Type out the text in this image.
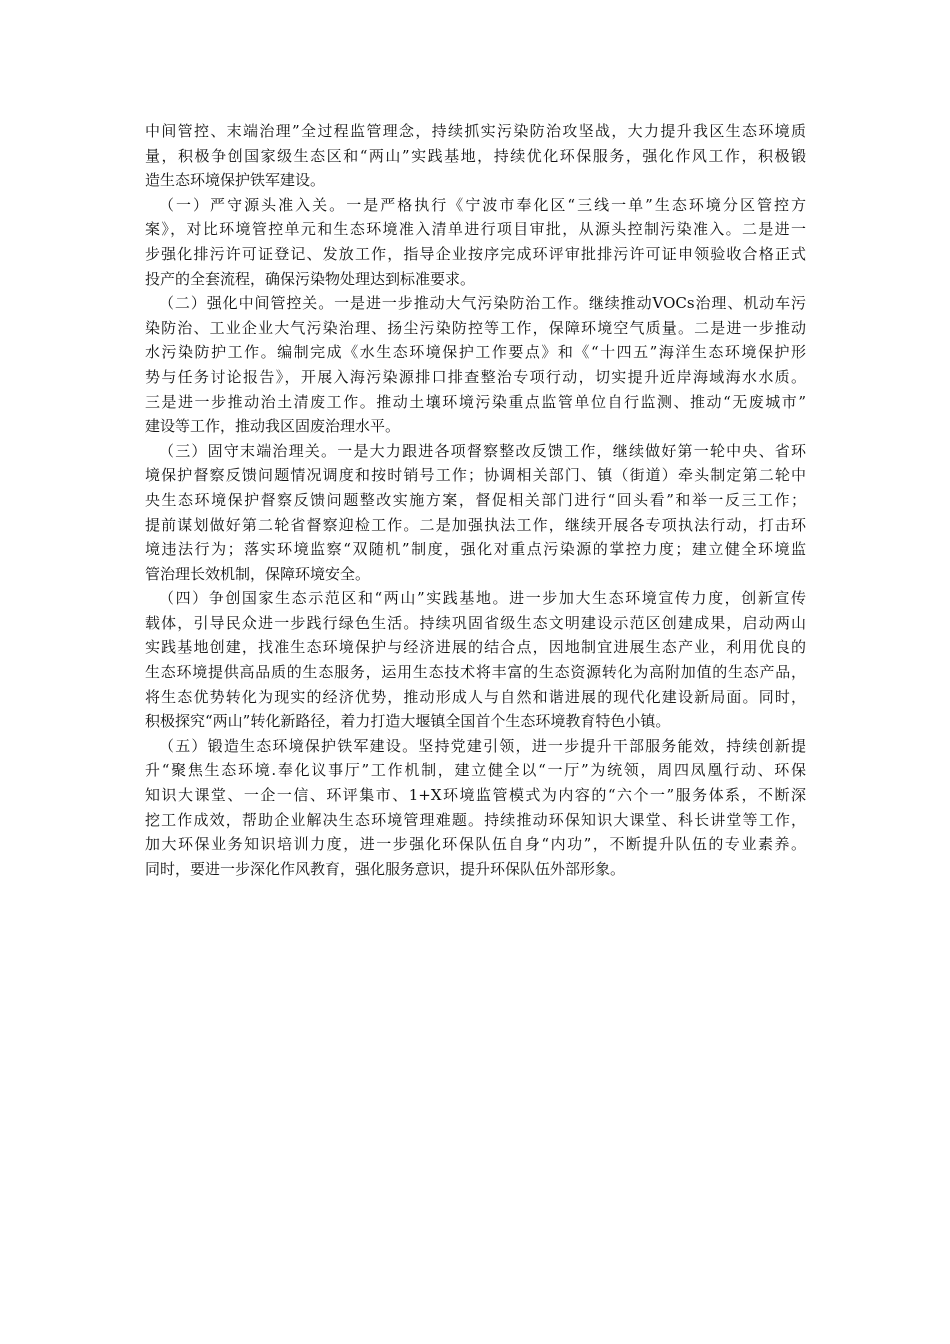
中间管控、末端治理”全过程监管理念，持续抓实污染防治攻坚战，大力提升我区生态环境质
量，积极争创国家级生态区和“两山”实践基地，持续优化环保服务，强化作风工作，积极锻
造生态环境保护铁军建设。
（一）严守源头准入关。一是严格执行《宁波市奉化区“三线一单”生态环境分区管控方
案》，对比环境管控单元和生态环境准入清单进行项目审批，从源头控制污染准入。二是进一
步强化排污许可证登记、发放工作，指导企业按序完成环评审批排污许可证申领验收合格正式
投产的全套流程，确保污染物处理达到标准要求。
（二）强化中间管控关。一是进一步推动大气污染防治工作。继续推动VOCs治理、机动车污
染防治、工业企业大气污染治理、扬尘污染防控等工作，保障环境空气质量。二是进一步推动
水污染防护工作。编制完成《水生态环境保护工作要点》和《“十四五”海洋生态环境保护形
势与任务讨论报告》，开展入海污染源排口排查整治专项行动，切实提升近岸海域海水水质。
三是进一步推动治土清废工作。推动土壤环境污染重点监管单位自行监测、推动“无废城市”
建设等工作，推动我区固废治理水平。
（三）固守末端治理关。一是大力跟进各项督察整改反馈工作，继续做好第一轮中央、省环
境保护督察反馈问题情况调度和按时销号工作；协调相关部门、镇（街道）牵头制定第二轮中
央生态环境保护督察反馈问题整改实施方案，督促相关部门进行“回头看”和举一反三工作；
提前谋划做好第二轮省督察迎检工作。二是加强执法工作，继续开展各专项执法行动，打击环
境违法行为；落实环境监察“双随机”制度，强化对重点污染源的掌控力度；建立健全环境监
管治理长效机制，保障环境安全。
（四）争创国家生态示范区和“两山”实践基地。进一步加大生态环境宣传力度，创新宣传
载体，引导民众进一步践行绿色生活。持续巩固省级生态文明建设示范区创建成果，启动两山
实践基地创建，找准生态环境保护与经济进展的结合点，因地制宜进展生态产业，利用优良的
生态环境提供高品质的生态服务，运用生态技术将丰富的生态资源转化为高附加值的生态产品，
将生态优势转化为现实的经济优势，推动形成人与自然和谐进展的现代化建设新局面。同时，
积极探究“两山”转化新路径，着力打造大堰镇全国首个生态环境教育特色小镇。
（五）锻造生态环境保护铁军建设。坚持党建引领，进一步提升干部服务能效，持续创新提
升“聚焦生态环境.奉化议事厅”工作机制，建立健全以“一厅”为统领，周四凤凰行动、环保
知识大课堂、一企一信、环评集市、1+X环境监管模式为内容的“六个一”服务体系，不断深
挖工作成效，帮助企业解决生态环境管理难题。持续推动环保知识大课堂、科长讲堂等工作，
加大环保业务知识培训力度，进一步强化环保队伍自身“内功”，不断提升队伍的专业素养。
同时，要进一步深化作风教育，强化服务意识，提升环保队伍外部形象。
